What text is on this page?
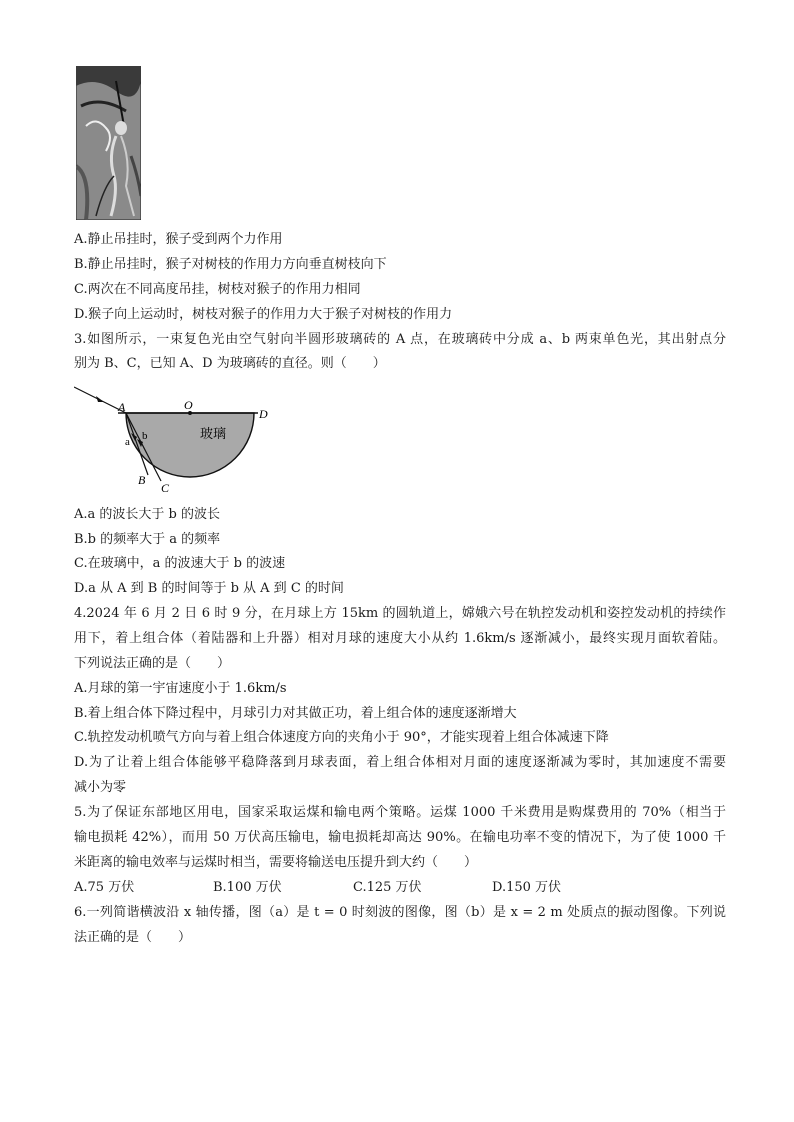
A.静止吊挂时，猴子受到两个力作用
B.静止吊挂时，猴子对树枝的作用力方向垂直树枝向下
C.两次在不同高度吊挂，树枝对猴子的作用力相同
D.猴子向上运动时，树枝对猴子的作用力大于猴子对树枝的作用力
3.如图所示，一束复色光由空气射向半圆形玻璃砖的 A 点，在玻璃砖中分成 a、b 两束单色光，其出射点分
别为 B、C，已知 A、D 为玻璃砖的直径。则（　　）
A	O
D
B
C
a b	玻璃
A.a 的波长大于 b 的波长
B.b 的频率大于 a 的频率
C.在玻璃中，a 的波速大于 b 的波速
D.a 从 A 到 B 的时间等于 b 从 A 到 C 的时间
4.2024 年 6 月 2 日 6 时 9 分，在月球上方 15km 的圆轨道上，嫦娥六号在轨控发动机和姿控发动机的持续作
用下，着上组合体（着陆器和上升器）相对月球的速度大小从约 1.6km/s 逐渐减小，最终实现月面软着陆。
下列说法正确的是（　　）
A.月球的第一宇宙速度小于 1.6km/s
B.着上组合体下降过程中，月球引力对其做正功，着上组合体的速度逐渐增大
C.轨控发动机喷气方向与着上组合体速度方向的夹角小于 90°，才能实现着上组合体减速下降
D.为了让着上组合体能够平稳降落到月球表面，着上组合体相对月面的速度逐渐减为零时，其加速度不需要
减小为零
5.为了保证东部地区用电，国家采取运煤和输电两个策略。运煤 1000 千米费用是购煤费用的 70%（相当于
输电损耗 42%），而用 50 万伏高压输电，输电损耗却高达 90%。在输电功率不变的情况下，为了使 1000 千
米距离的输电效率与运煤时相当，需要将输送电压提升到大约（　　）
A.75 万伏	B.100 万伏	C.125 万伏	D.150 万伏
6.一列简谐横波沿 x 轴传播，图（a）是 t = 0 时刻波的图像，图（b）是 x = 2 m 处质点的振动图像。下列说
法正确的是（　　）
